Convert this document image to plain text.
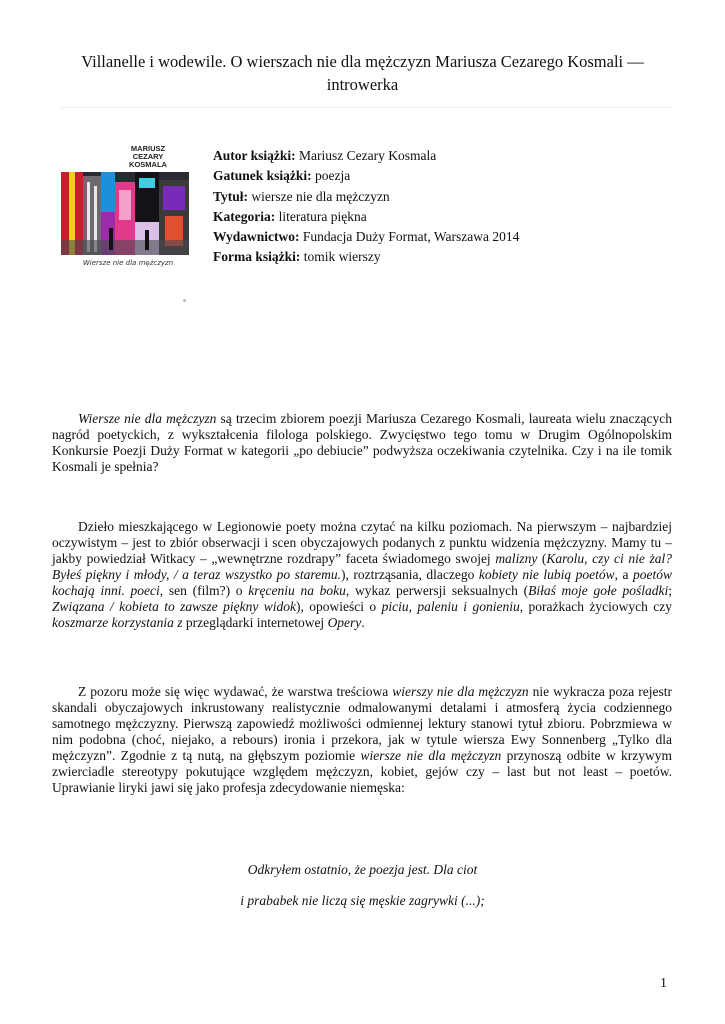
Villanelle i wodewile. O wierszach nie dla mężczyzn Mariusza Cezarego Kosmali — introwerka
MARIUSZ
CEZARY
KOSMALA
Wiersze nie dla mężczyzn
Autor książki: Mariusz Cezary Kosmala
Gatunek książki: poezja
Tytuł: wiersze nie dla mężczyzn
Kategoria: literatura piękna
Wydawnictwo: Fundacja Duży Format, Warszawa 2014
Forma książki: tomik wierszy
Wiersze nie dla mężczyzn są trzecim zbiorem poezji Mariusza Cezarego Kosmali, laureata wielu znaczących nagród poetyckich, z wykształcenia filologa polskiego. Zwycięstwo tego tomu w Drugim Ogólnopolskim Konkursie Poezji Duży Format w kategorii „po debiucie” podwyższa oczekiwania czytelnika. Czy i na ile tomik Kosmali je spełnia?
Dzieło mieszkającego w Legionowie poety można czytać na kilku poziomach. Na pierwszym – najbardziej oczywistym – jest to zbiór obserwacji i scen obyczajowych podanych z punktu widzenia mężczyzny. Mamy tu – jakby powiedział Witkacy – „wewnętrzne rozdrapy” faceta świadomego swojej malizny (Karolu, czy ci nie żal? Byłeś piękny i młody, / a teraz wszystko po staremu.), roztrząsania, dlaczego kobiety nie lubią poetów, a poetów kochają inni. poeci, sen (film?) o kręceniu na boku, wykaz perwersji seksualnych (Biłaś moje gołe pośladki; Związana / kobieta to zawsze piękny widok), opowieści o piciu, paleniu i gonieniu, porażkach życiowych czy koszmarze korzystania z przeglądarki internetowej Opery.
Z pozoru może się więc wydawać, że warstwa treściowa wierszy nie dla mężczyzn nie wykracza poza rejestr skandali obyczajowych inkrustowany realistycznie odmalowanymi detalami i atmosferą życia codziennego samotnego mężczyzny. Pierwszą zapowiedź możliwości odmiennej lektury stanowi tytuł zbioru. Pobrzmiewa w nim podobna (choć, niejako, a rebours) ironia i przekora, jak w tytule wiersza Ewy Sonnenberg „Tylko dla mężczyzn”. Zgodnie z tą nutą, na głębszym poziomie wiersze nie dla mężczyzn przynoszą odbite w krzywym zwierciadle stereotypy pokutujące względem mężczyzn, kobiet, gejów czy – last but not least – poetów. Uprawianie liryki jawi się jako profesja zdecydowanie niemęska:
Odkryłem ostatnio, że poezja jest. Dla ciot
i prababek nie liczą się męskie zagrywki (...);
1
